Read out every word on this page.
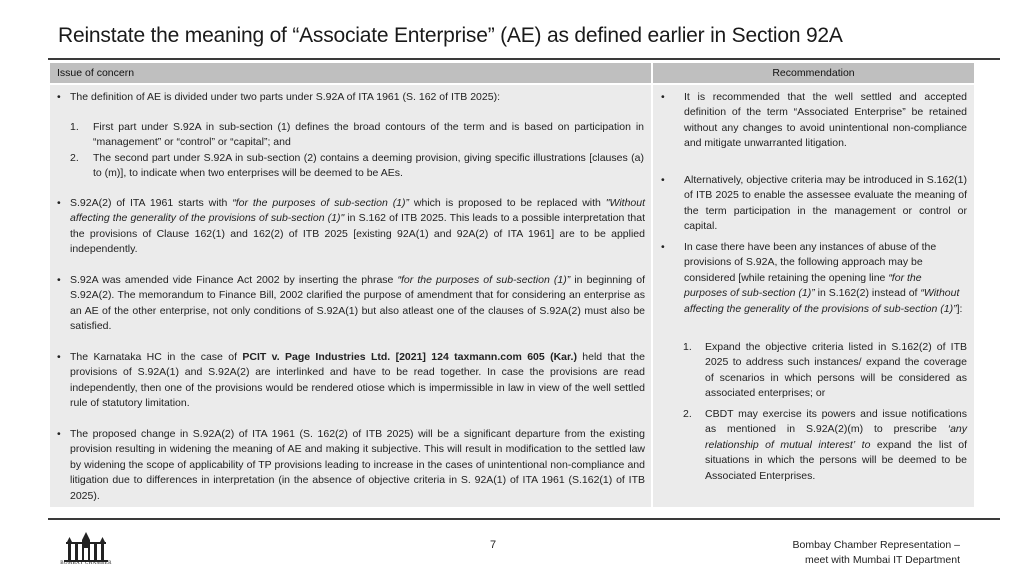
Reinstate the meaning of “Associate Enterprise” (AE) as defined earlier in Section 92A
Issue of concern	Recommendation
• The definition of AE is divided under two parts under S.92A of ITA 1961 (S. 162 of ITB 2025):
1. First part under S.92A in sub-section (1) defines the broad contours of the term and is based on participation in “management” or “control” or “capital”; and
2. The second part under S.92A in sub-section (2) contains a deeming provision, giving specific illustrations [clauses (a) to (m)], to indicate when two enterprises will be deemed to be AEs.
• S.92A(2) of ITA 1961 starts with “for the purposes of sub-section (1)” which is proposed to be replaced with "Without affecting the generality of the provisions of sub-section (1)" in S.162 of ITB 2025. This leads to a possible interpretation that the provisions of Clause 162(1) and 162(2) of ITB 2025 [existing 92A(1) and 92A(2) of ITA 1961] are to be applied independently.
• S.92A was amended vide Finance Act 2002 by inserting the phrase “for the purposes of sub-section (1)” in beginning of S.92A(2). The memorandum to Finance Bill, 2002 clarified the purpose of amendment that for considering an enterprise as an AE of the other enterprise, not only conditions of S.92A(1) but also atleast one of the clauses of S.92A(2) must also be satisfied.
• The Karnataka HC in the case of PCIT v. Page Industries Ltd. [2021] 124 taxmann.com 605 (Kar.) held that the provisions of S.92A(1) and S.92A(2) are interlinked and have to be read together. In case the provisions are read independently, then one of the provisions would be rendered otiose which is impermissible in law in view of the well settled rule of statutory limitation.
• The proposed change in S.92A(2) of ITA 1961 (S. 162(2) of ITB 2025) will be a significant departure from the existing provision resulting in widening the meaning of AE and making it subjective. This will result in modification to the settled law by widening the scope of applicability of TP provisions leading to increase in the cases of unintentional non-compliance and litigation due to differences in interpretation (in the absence of objective criteria in S. 92A(1) of ITA 1961 (S.162(1) of ITB 2025).
• It is recommended that the well settled and accepted definition of the term “Associated Enterprise” be retained without any changes to avoid unintentional non-compliance and mitigate unwarranted litigation.
• Alternatively, objective criteria may be introduced in S.162(1) of ITB 2025 to enable the assessee evaluate the meaning of the term participation in the management or control or capital.
• In case there have been any instances of abuse of the provisions of S.92A, the following approach may be considered [while retaining the opening line “for the purposes of sub-section (1)” in S.162(2) instead of “Without affecting the generality of the provisions of sub-section (1)”]:
1. Expand the objective criteria listed in S.162(2) of ITB 2025 to address such instances/ expand the coverage of scenarios in which persons will be considered as associated enterprises; or
2. CBDT may exercise its powers and issue notifications as mentioned in S.92A(2)(m) to prescribe ‘any relationship of mutual interest’ to expand the list of situations in which the persons will be deemed to be Associated Enterprises.
BOMBAY CHAMBER
7	Bombay Chamber Representation –
meet with Mumbai IT Department
